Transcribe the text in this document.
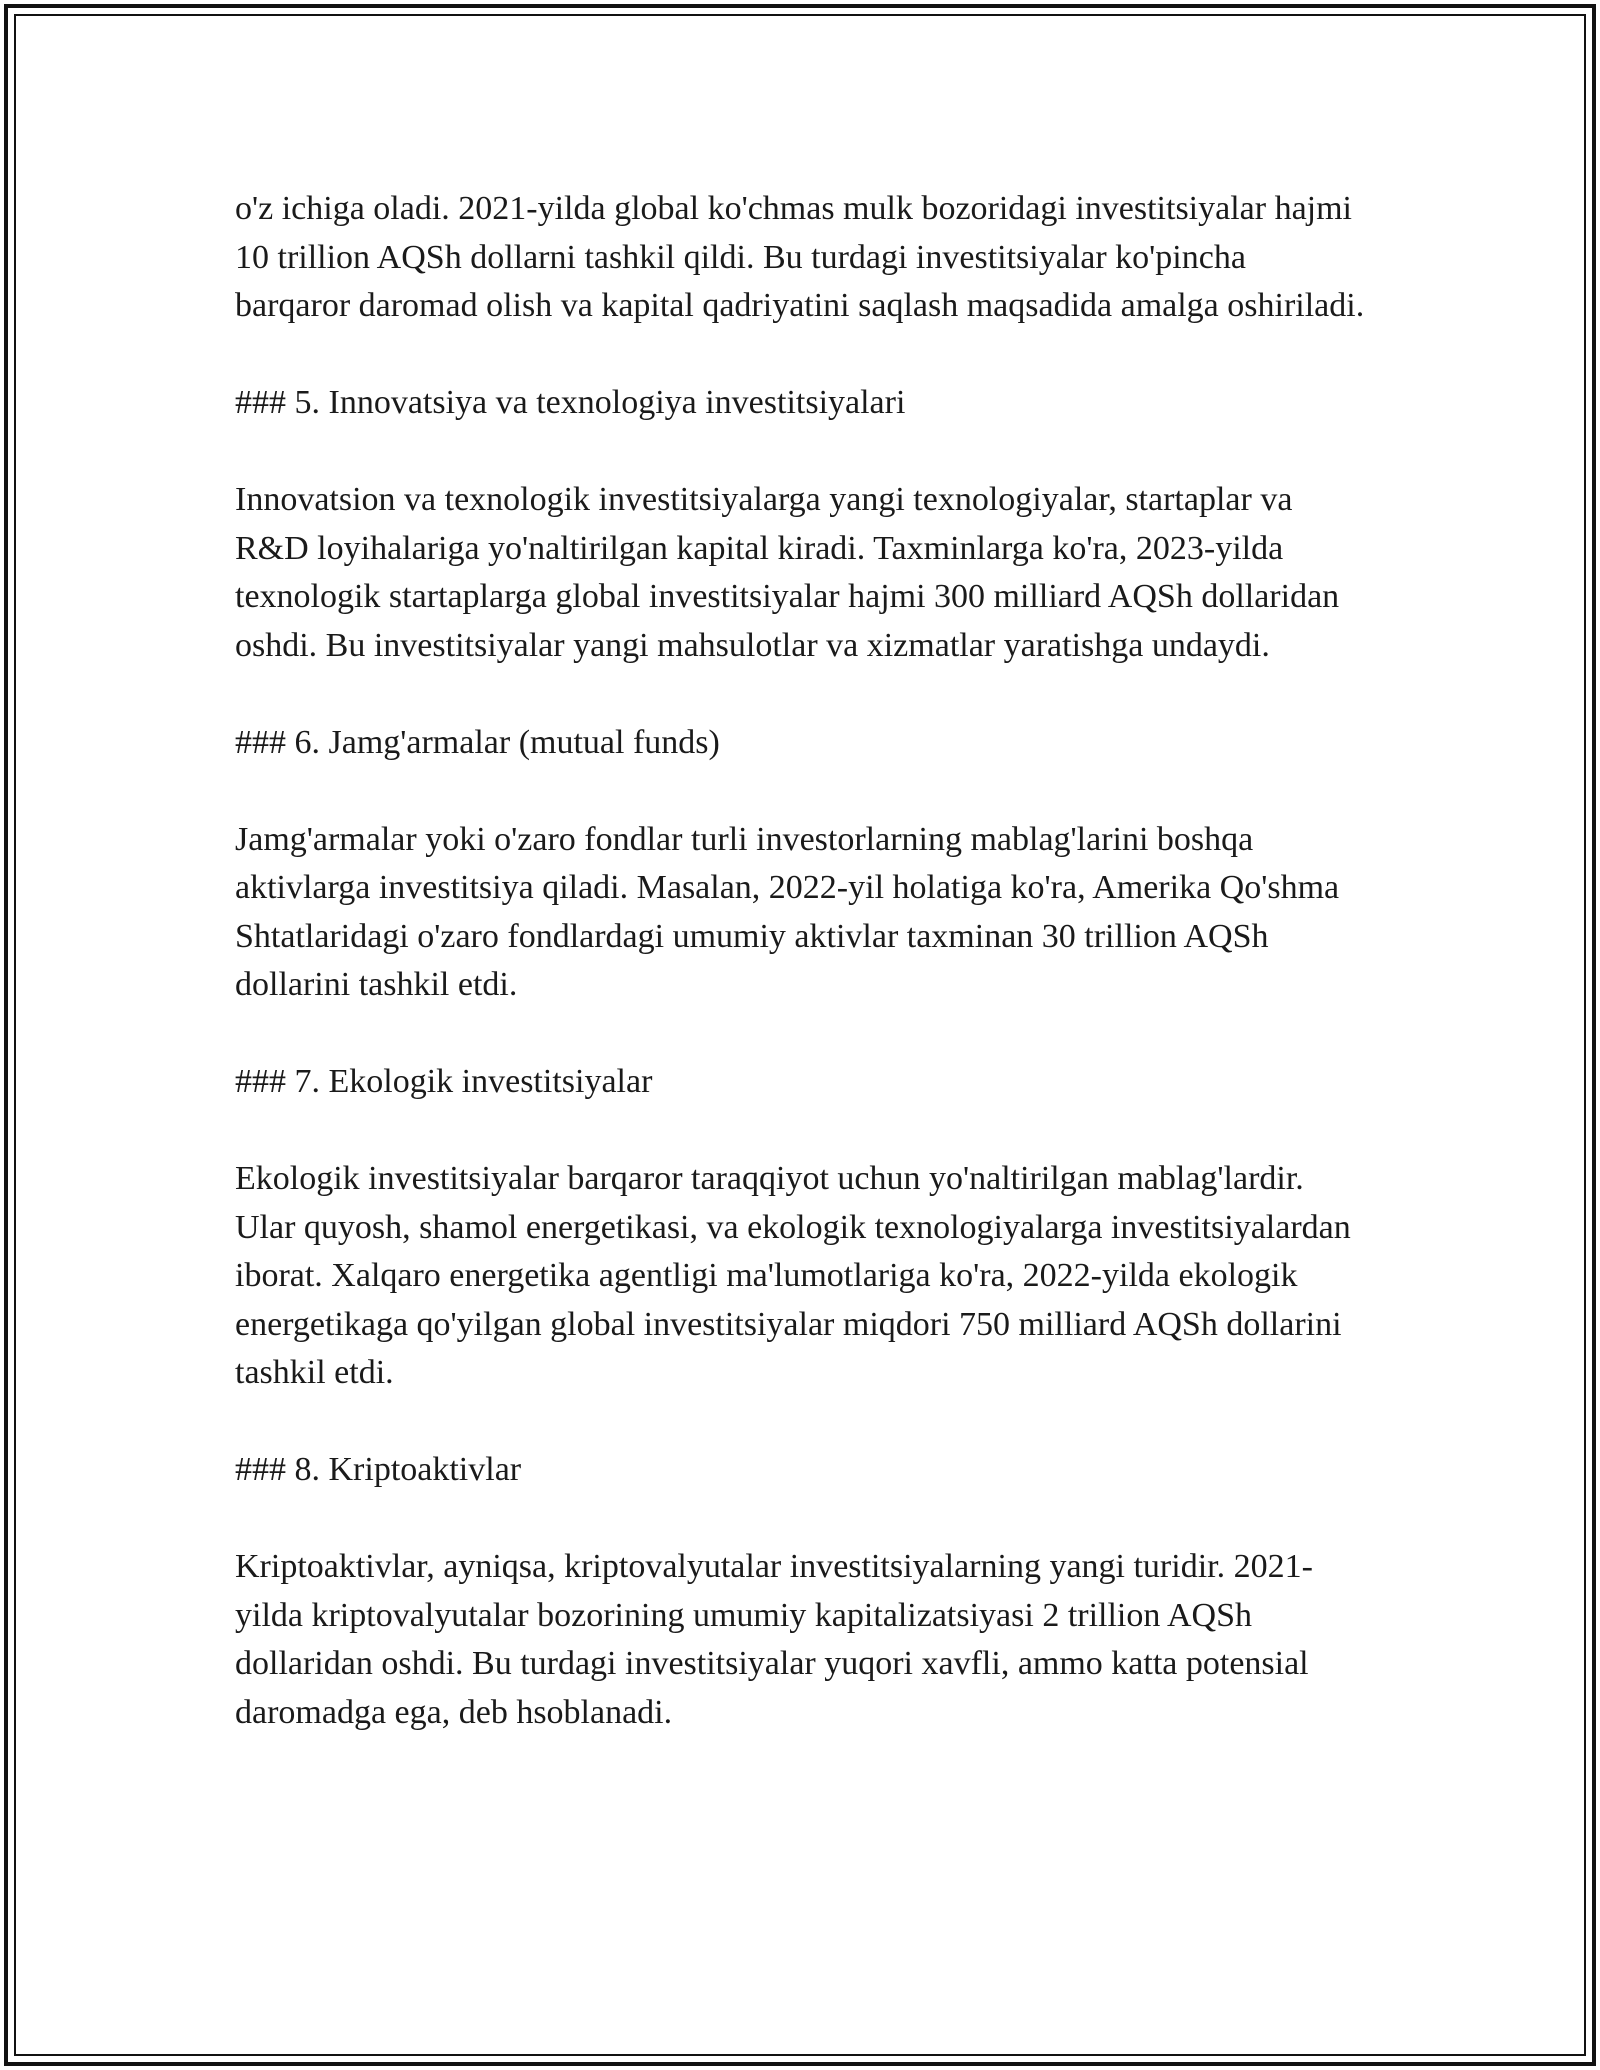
o'z ichiga oladi. 2021-yilda global ko'chmas mulk bozoridagi investitsiyalar hajmi 10 trillion AQSh dollarni tashkil qildi. Bu turdagi investitsiyalar ko'pincha barqaror daromad olish va kapital qadriyatini saqlash maqsadida amalga oshiriladi.

### 5. Innovatsiya va texnologiya investitsiyalari

Innovatsion va texnologik investitsiyalarga yangi texnologiyalar, startaplar va R&D loyihalariga yo'naltirilgan kapital kiradi. Taxminlarga ko'ra, 2023-yilda texnologik startaplarga global investitsiyalar hajmi 300 milliard AQSh dollaridan oshdi. Bu investitsiyalar yangi mahsulotlar va xizmatlar yaratishga undaydi.

### 6. Jamg'armalar (mutual funds)

Jamg'armalar yoki o'zaro fondlar turli investorlarning mablag'larini boshqa aktivlarga investitsiya qiladi. Masalan, 2022-yil holatiga ko'ra, Amerika Qo'shma Shtatlaridagi o'zaro fondlardagi umumiy aktivlar taxminan 30 trillion AQSh dollarini tashkil etdi.

### 7. Ekologik investitsiyalar

Ekologik investitsiyalar barqaror taraqqiyot uchun yo'naltirilgan mablag'lardir. Ular quyosh, shamol energetikasi, va ekologik texnologiyalarga investitsiyalardan iborat. Xalqaro energetika agentligi ma'lumotlariga ko'ra, 2022-yilda ekologik energetikaga qo'yilgan global investitsiyalar miqdori 750 milliard AQSh dollarini tashkil etdi.

### 8. Kriptoaktivlar

Kriptoaktivlar, ayniqsa, kriptovalyutalar investitsiyalarning yangi turidir. 2021-yilda kriptovalyutalar bozorining umumiy kapitalizatsiyasi 2 trillion AQSh dollaridan oshdi. Bu turdagi investitsiyalar yuqori xavfli, ammo katta potensial daromadga ega, deb hsoblanadi.
